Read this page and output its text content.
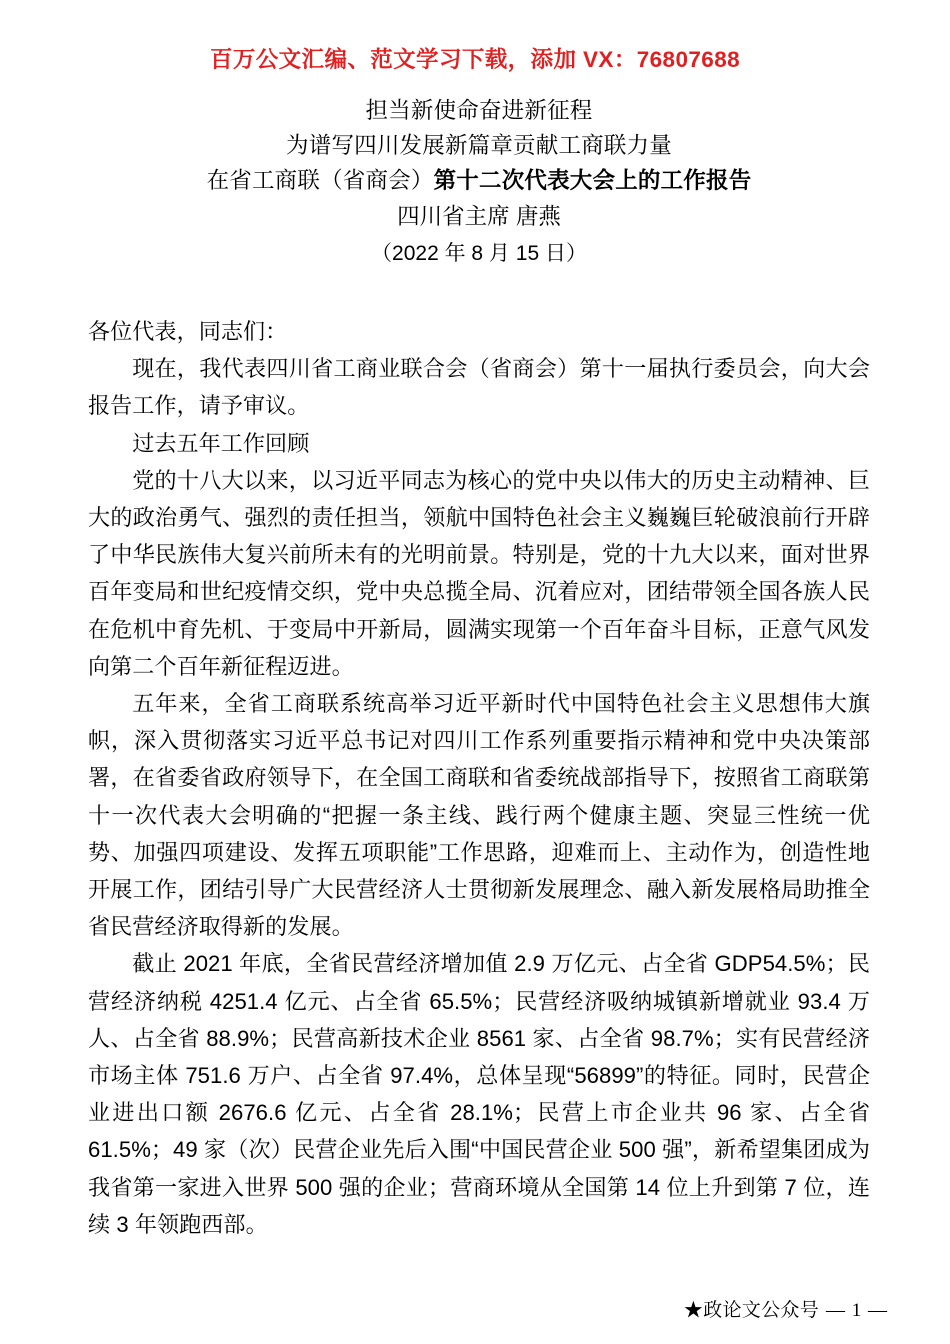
百万公文汇编、范文学习下载，添加 VX：76807688
担当新使命奋进新征程
为谱写四川发展新篇章贡献工商联力量
在省工商联（省商会）第十二次代表大会上的工作报告
四川省主席 唐燕
（2022 年 8 月 15 日）

各位代表，同志们：

现在，我代表四川省工商业联合会（省商会）第十一届执行委员会，向大会报告工作，请予审议。

过去五年工作回顾

党的十八大以来，以习近平同志为核心的党中央以伟大的历史主动精神、巨大的政治勇气、强烈的责任担当，领航中国特色社会主义巍巍巨轮破浪前行开辟了中华民族伟大复兴前所未有的光明前景。特别是，党的十九大以来，面对世界百年变局和世纪疫情交织，党中央总揽全局、沉着应对，团结带领全国各族人民在危机中育先机、于变局中开新局，圆满实现第一个百年奋斗目标，正意气风发向第二个百年新征程迈进。

五年来，全省工商联系统高举习近平新时代中国特色社会主义思想伟大旗帜，深入贯彻落实习近平总书记对四川工作系列重要指示精神和党中央决策部署，在省委省政府领导下，在全国工商联和省委统战部指导下，按照省工商联第十一次代表大会明确的“把握一条主线、践行两个健康主题、突显三性统一优势、加强四项建设、发挥五项职能”工作思路，迎难而上、主动作为，创造性地开展工作，团结引导广大民营经济人士贯彻新发展理念、融入新发展格局助推全省民营经济取得新的发展。

截止 2021 年底，全省民营经济增加值 2.9 万亿元、占全省 GDP54.5%；民营经济纳税 4251.4 亿元、占全省 65.5%；民营经济吸纳城镇新增就业 93.4 万人、占全省 88.9%；民营高新技术企业 8561 家、占全省 98.7%；实有民营经济市场主体 751.6 万户、占全省 97.4%，总体呈现“56899”的特征。同时，民营企业进出口额 2676.6 亿元、占全省 28.1%；民营上市企业共 96 家、占全省 61.5%；49 家（次）民营企业先后入围“中国民营企业 500 强”，新希望集团成为我省第一家进入世界 500 强的企业；营商环境从全国第 14 位上升到第 7 位，连续 3 年领跑西部。

★政论文公众号 — 1 —
